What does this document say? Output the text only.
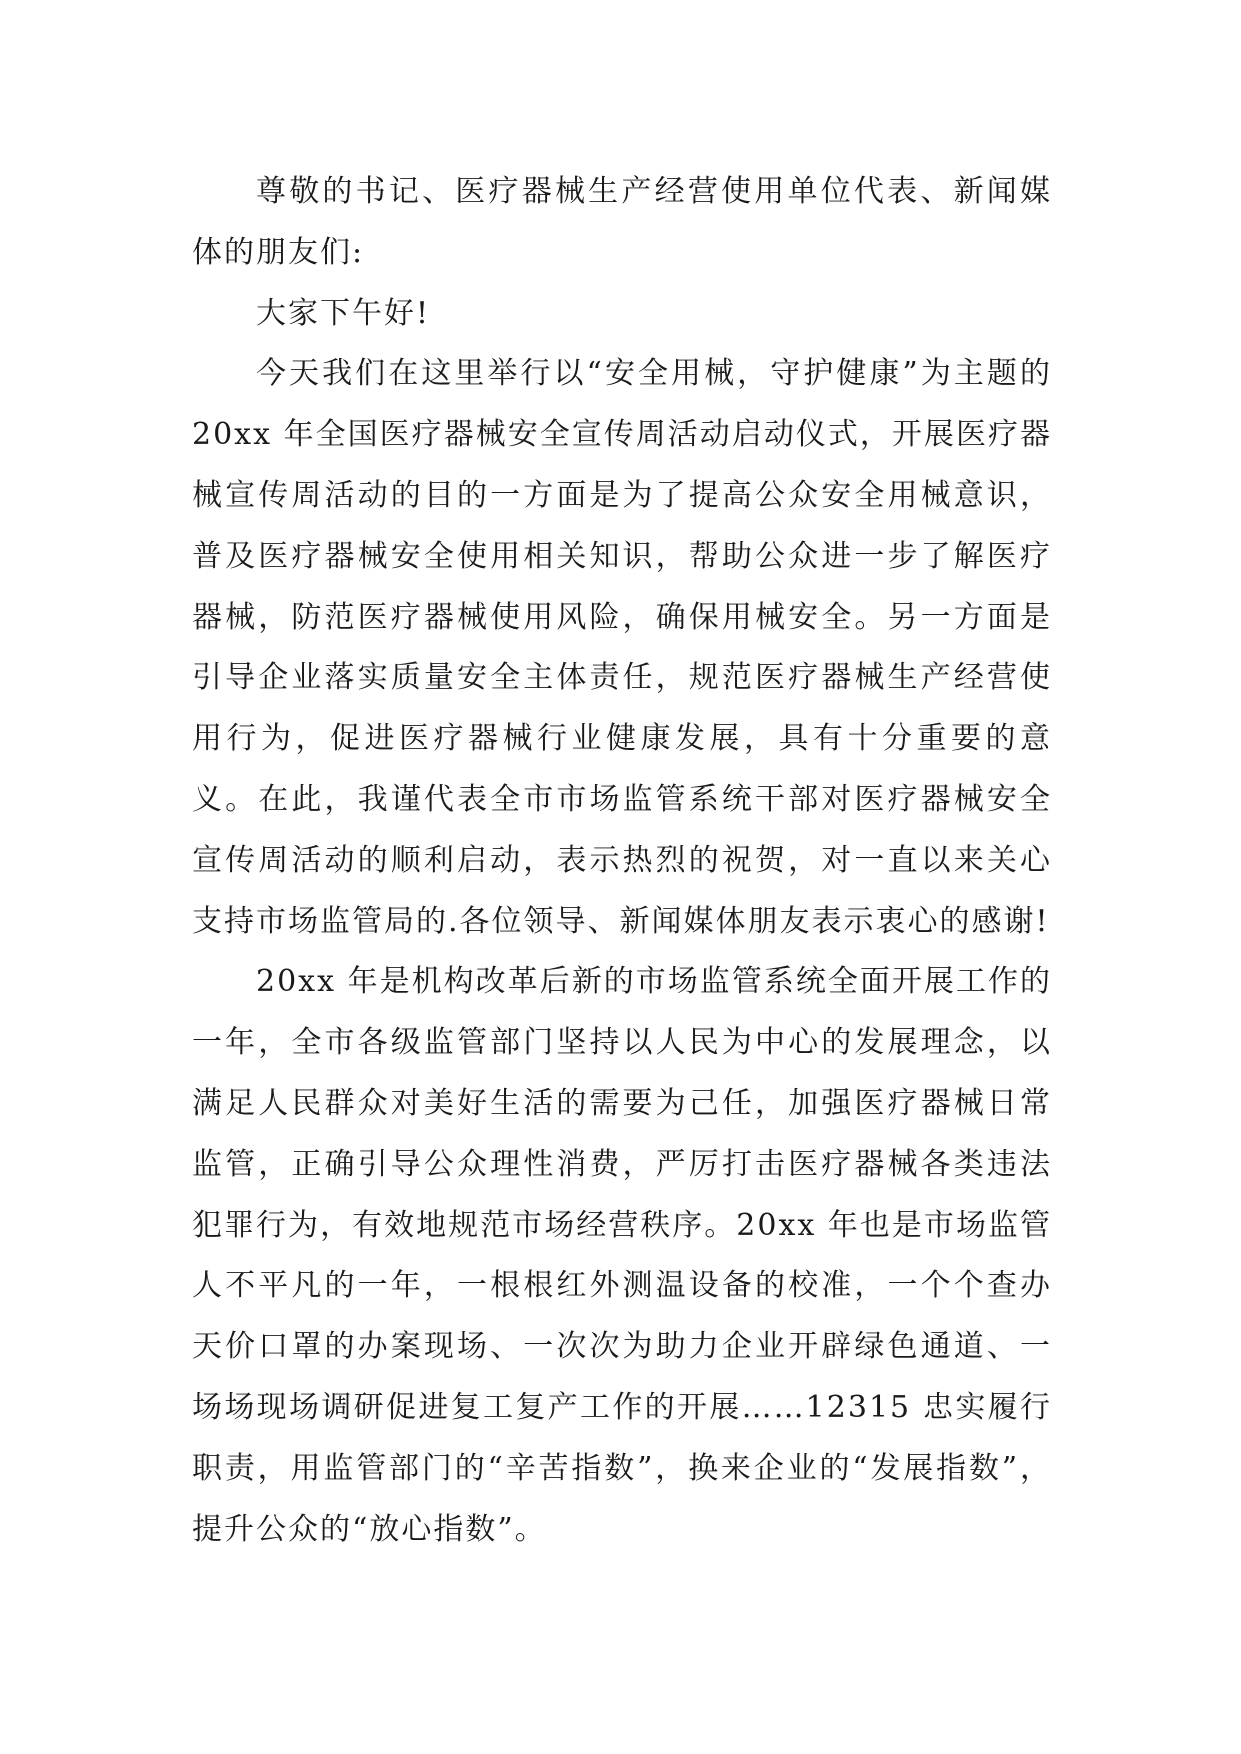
尊敬的书记、医疗器械生产经营使用单位代表、新闻媒体的朋友们:

大家下午好!

今天我们在这里举行以“安全用械，守护健康”为主题的 20xx 年全国医疗器械安全宣传周活动启动仪式，开展医疗器械宣传周活动的目的一方面是为了提高公众安全用械意识，普及医疗器械安全使用相关知识，帮助公众进一步了解医疗器械，防范医疗器械使用风险，确保用械安全。另一方面是引导企业落实质量安全主体责任，规范医疗器械生产经营使用行为，促进医疗器械行业健康发展，具有十分重要的意义。在此，我谨代表全市市场监管系统干部对医疗器械安全宣传周活动的顺利启动，表示热烈的祝贺，对一直以来关心支持市场监管局的.各位领导、新闻媒体朋友表示衷心的感谢!

20xx 年是机构改革后新的市场监管系统全面开展工作的一年，全市各级监管部门坚持以人民为中心的发展理念，以满足人民群众对美好生活的需要为己任，加强医疗器械日常监管，正确引导公众理性消费，严厉打击医疗器械各类违法犯罪行为，有效地规范市场经营秩序。20xx 年也是市场监管人不平凡的一年，一根根红外测温设备的校准，一个个查办天价口罩的办案现场、一次次为助力企业开辟绿色通道、一场场现场调研促进复工复产工作的开展……12315 忠实履行职责，用监管部门的“辛苦指数”，换来企业的“发展指数”，提升公众的“放心指数”。
